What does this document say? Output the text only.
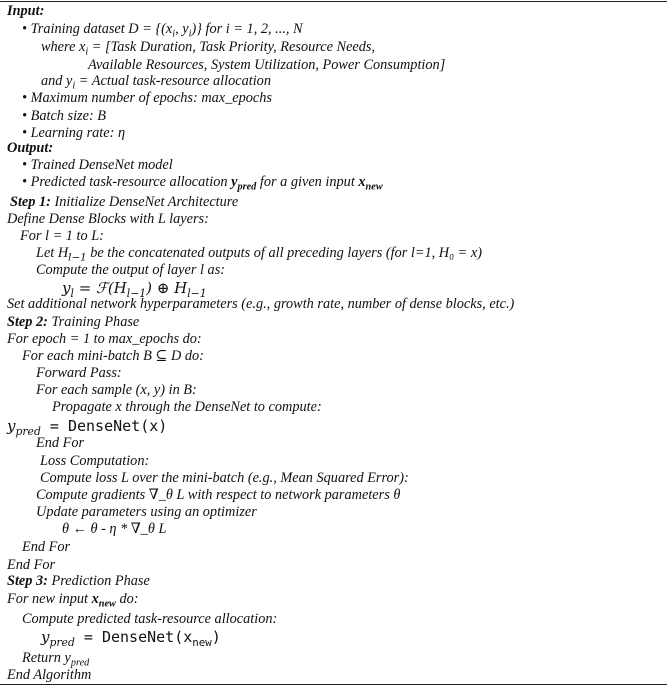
Input:
• Training dataset $D = \{(x_i$, $y_i$)} for i = 1, 2, ..., N
where $x_i$ = [Task Duration, Task Priority, Resource Needs,
Available Resources, System Utilization, Power Consumption]
and $y_i$ = Actual task-resource allocation
• Maximum number of epochs: max_epochs
• Batch size: B
• Learning rate: η
Output:
• Trained DenseNet model
• Predicted task-resource allocation $y_{pred}$ for a given input $x_{new}$
Step 1: Initialize DenseNet Architecture
Define Dense Blocks with L layers:
For l = 1 to L:
Let $H_{l-1}$ be the concatenated outputs of all preceding layers (for l=1, H₀ = x)
Compute the output of layer l as:
$y_l$ = $ℱ(H_{l-1})$ ⊕ $H_{l-1}$
Set additional network hyperparameters (e.g., growth rate, number of dense blocks, etc.)
Step 2: Training Phase
For epoch = 1 to max_epochs do:
For each mini-batch B ⊆ D do:
Forward Pass:
For each sample (x, y) in B:
Propagate x through the DenseNet to compute:
$y_{pred}$ = DenseNet(x)
End For
Loss Computation:
Compute loss L over the mini-batch (e.g., Mean Squared Error):
Compute gradients ∇_θ L with respect to network parameters θ
Update parameters using an optimizer
θ ← θ - η * ∇_θ L
End For
End For
Step 3: Prediction Phase
For new input $x_{new}$ do:
Compute predicted task-resource allocation:
$y_{pred}$ = $DenseNet(x_{new})$
Return $y_{pred}$
End Algorithm
